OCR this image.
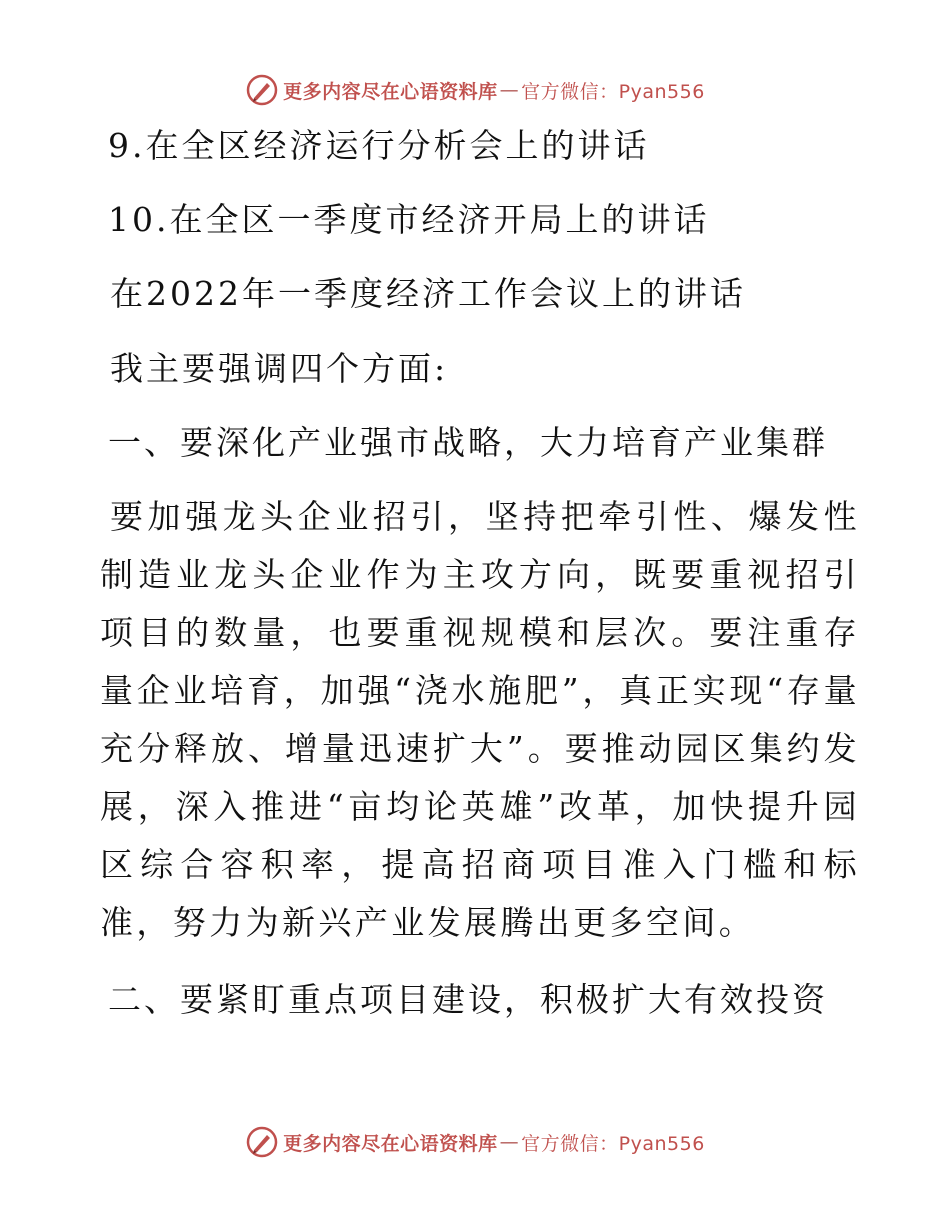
更多内容尽在心语资料库 — 官方微信：Pyan556
9.在全区经济运行分析会上的讲话
10.在全区一季度市经济开局上的讲话
在2022年一季度经济工作会议上的讲话
我主要强调四个方面:
一、要深化产业强市战略，大力培育产业集群
要加强龙头企业招引，坚持把牵引性、爆发性制造业龙头企业作为主攻方向，既要重视招引项目的数量，也要重视规模和层次。要注重存量企业培育，加强“浇水施肥”，真正实现“存量充分释放、增量迅速扩大”。要推动园区集约发展，深入推进“亩均论英雄”改革，加快提升园区综合容积率，提高招商项目准入门槛和标准，努力为新兴产业发展腾出更多空间。
二、要紧盯重点项目建设，积极扩大有效投资
更多内容尽在心语资料库 — 官方微信：Pyan556
